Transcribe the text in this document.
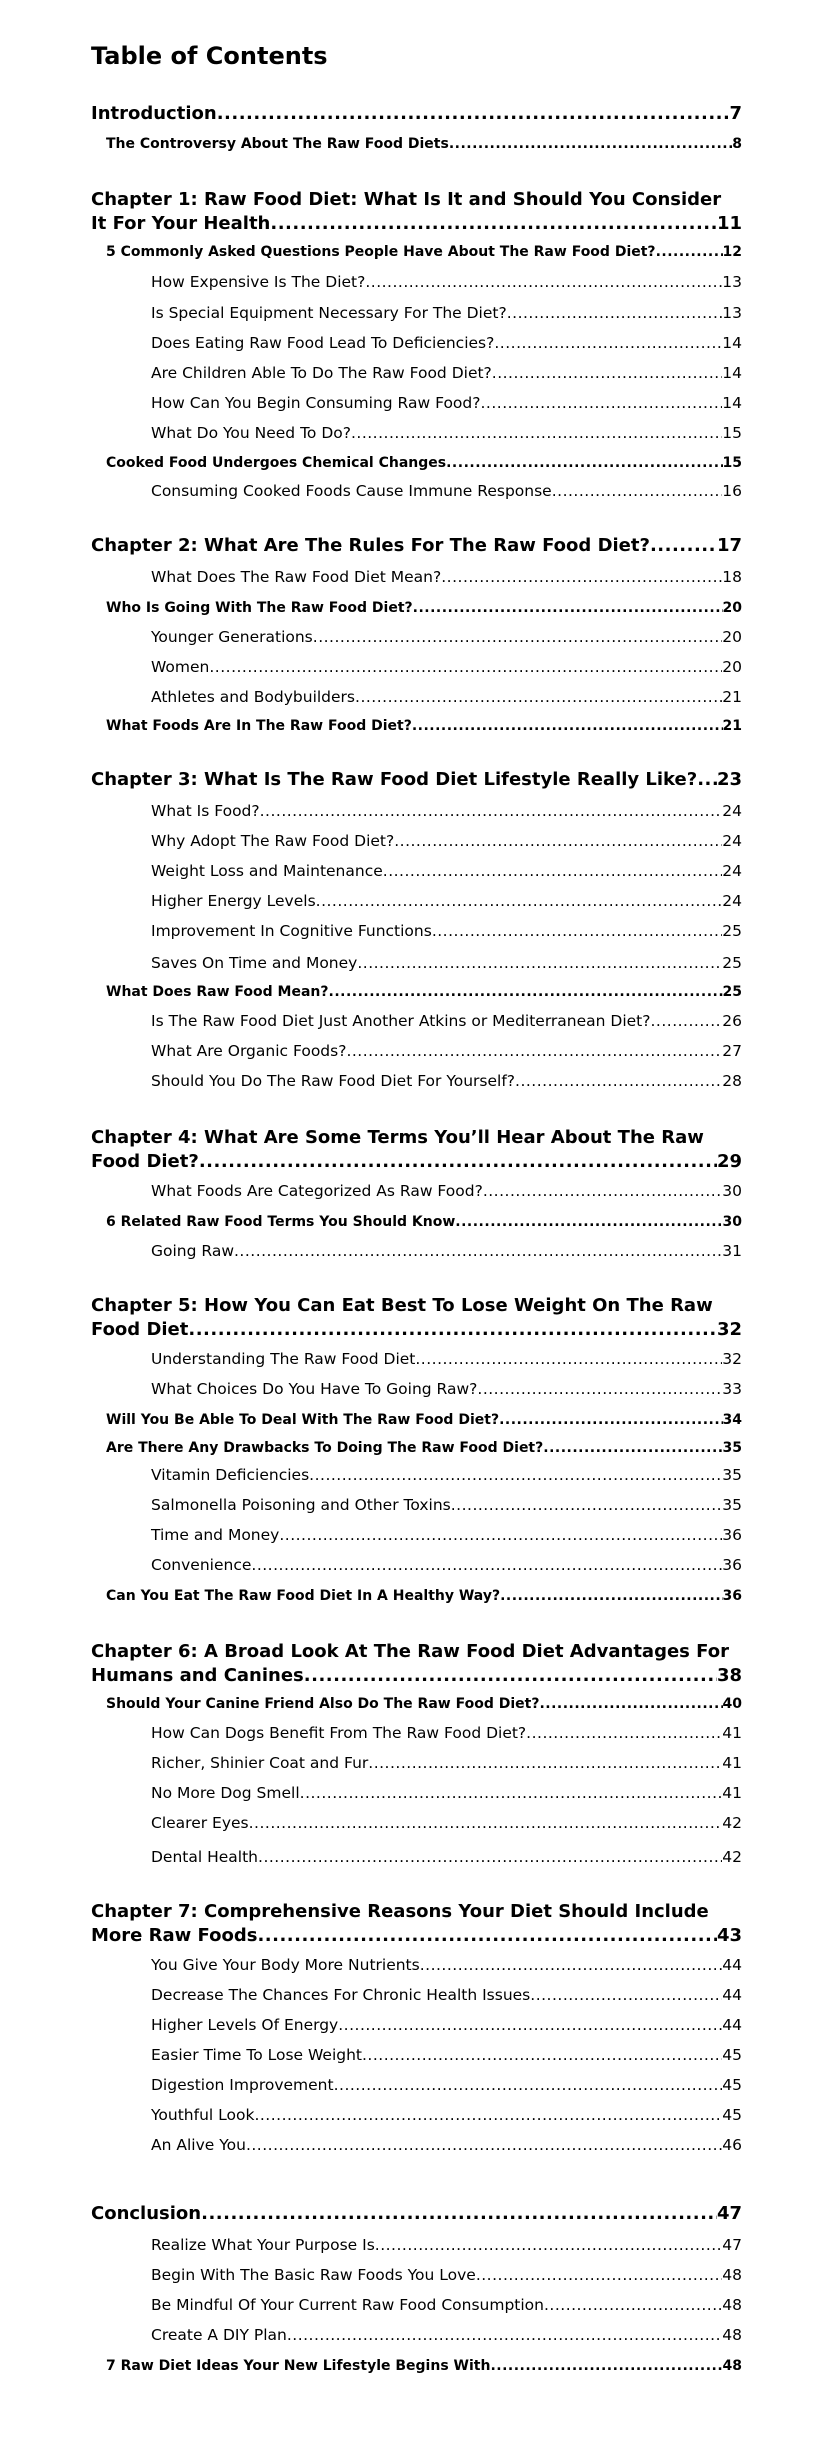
Table of Contents
Introduction .....	7
The Controversy About The Raw Food Diets .....	8
Chapter 1: Raw Food Diet: What Is It and Should You Consider
It For Your Health .....	11
5 Commonly Asked Questions People Have About The Raw Food Diet? .....	12
How Expensive Is The Diet? .....	13
Is Special Equipment Necessary For The Diet? .....	13
Does Eating Raw Food Lead To Deficiencies? .....	14
Are Children Able To Do The Raw Food Diet? .....	14
How Can You Begin Consuming Raw Food? .....	14
What Do You Need To Do? .....	15
Cooked Food Undergoes Chemical Changes .....	15
Consuming Cooked Foods Cause Immune Response .....	16
Chapter 2: What Are The Rules For The Raw Food Diet? .....	17
What Does The Raw Food Diet Mean? .....	18
Who Is Going With The Raw Food Diet? .....	20
Younger Generations .....	20
Women .....	20
Athletes and Bodybuilders .....	21
What Foods Are In The Raw Food Diet? .....	21
Chapter 3: What Is The Raw Food Diet Lifestyle Really Like? ..... 23
What Is Food? .....	24
Why Adopt The Raw Food Diet? .....	24
Weight Loss and Maintenance .....	24
Higher Energy Levels .....	24
Improvement In Cognitive Functions .....	25
Saves On Time and Money .....	25
What Does Raw Food Mean? .....	25
Is The Raw Food Diet Just Another Atkins or Mediterranean Diet? .....	26
What Are Organic Foods? .....	27
Should You Do The Raw Food Diet For Yourself? .....	28
Chapter 4: What Are Some Terms You’ll Hear About The Raw
Food Diet? .....	29
What Foods Are Categorized As Raw Food? .....	30
6 Related Raw Food Terms You Should Know .....	30
Going Raw .....	31
Chapter 5: How You Can Eat Best To Lose Weight On The Raw
Food Diet .....	32
Understanding The Raw Food Diet .....	32
What Choices Do You Have To Going Raw? .....	33
Will You Be Able To Deal With The Raw Food Diet? .....	34
Are There Any Drawbacks To Doing The Raw Food Diet? .....	35
Vitamin Deficiencies .....	35
Salmonella Poisoning and Other Toxins .....	35
Time and Money .....	36
Convenience .....	36
Can You Eat The Raw Food Diet In A Healthy Way? .....	36
Chapter 6: A Broad Look At The Raw Food Diet Advantages For
Humans and Canines .....	38
Should Your Canine Friend Also Do The Raw Food Diet? .....	40
How Can Dogs Benefit From The Raw Food Diet? .....	41
Richer, Shinier Coat and Fur .....	41
No More Dog Smell .....	41
Clearer Eyes .....	42
Dental Health .....	42
Chapter 7: Comprehensive Reasons Your Diet Should Include
More Raw Foods .....	43
You Give Your Body More Nutrients .....	44
Decrease The Chances For Chronic Health Issues .....	44
Higher Levels Of Energy .....	44
Easier Time To Lose Weight .....	45
Digestion Improvement .....	45
Youthful Look .....	45
An Alive You .....	46
Conclusion .....	47
Realize What Your Purpose Is .....	47
Begin With The Basic Raw Foods You Love .....	48
Be Mindful Of Your Current Raw Food Consumption .....	48
Create A DIY Plan .....	48
7 Raw Diet Ideas Your New Lifestyle Begins With .....	48
